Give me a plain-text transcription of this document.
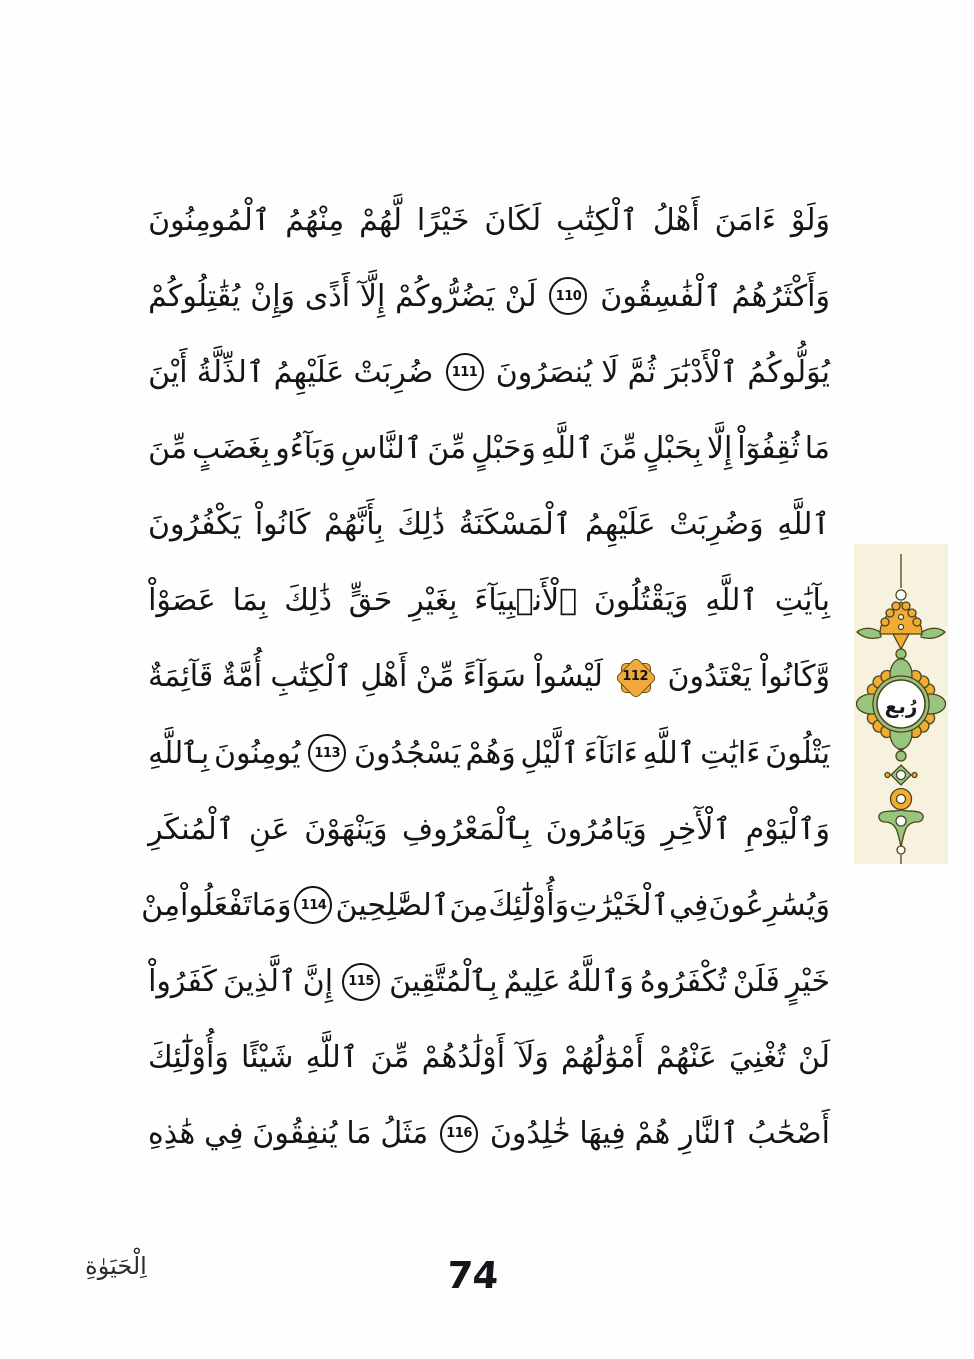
وَلَوْ
ءَامَنَ
أَهْلُ
ٱلْكِتَٰبِ
لَكَانَ
خَيْرًا
لَّهُمْ
مِنْهُمُ
ٱلْمُومِنُونَ
وَأَكْثَرُهُمُ
ٱلْفَٰسِقُونَ
110
لَنْ
يَضُرُّوكُمْ
إِلَّآ
أَذًى
وَإِنْ
يُقَٰتِلُوكُمْ
يُوَلُّوكُمُ
ٱلْأَدْبَٰرَ
ثُمَّ
لَا
يُنصَرُونَ
111
ضُرِبَتْ
عَلَيْهِمُ
ٱلذِّلَّةُ
أَيْنَ
مَا
ثُقِفُوٓاْ
إِلَّا
بِحَبْلٍ
مِّنَ
ٱللَّهِ
وَحَبْلٍ
مِّنَ
ٱلنَّاسِ
وَبَآءُو
بِغَضَبٍ
مِّنَ
ٱللَّهِ
وَضُرِبَتْ
عَلَيْهِمُ
ٱلْمَسْكَنَةُ
ذَٰلِكَ
بِأَنَّهُمْ
كَانُواْ
يَكْفُرُونَ
بِآيَٰتِ
ٱللَّهِ
وَيَقْتُلُونَ
ٱلْأَنۢبِيَآءَ
بِغَيْرِ
حَقٍّ
ذَٰلِكَ
بِمَا
عَصَوْاْ
وَّكَانُواْ
يَعْتَدُونَ
112
لَيْسُواْ
سَوَآءً
مِّنْ
أَهْلِ
ٱلْكِتَٰبِ
أُمَّةٌ
قَآئِمَةٌ
يَتْلُونَ
ءَايَٰتِ
ٱللَّهِ
ءَانَآءَ
ٱلَّيْلِ
وَهُمْ
يَسْجُدُونَ
113
يُومِنُونَ
بِٱللَّهِ
وَٱلْيَوْمِ
ٱلْأٓخِرِ
وَيَامُرُونَ
بِٱلْمَعْرُوفِ
وَيَنْهَوْنَ
عَنِ
ٱلْمُنكَرِ
وَيُسَٰرِعُونَ
فِي
ٱلْخَيْرَٰتِ
وَأُوْلَٰٓئِكَ
مِنَ
ٱلصَّٰلِحِينَ
114
وَمَا
تَفْعَلُواْ
مِنْ
خَيْرٍ
فَلَنْ
تُكْفَرُوهُ
وَٱللَّهُ
عَلِيمٌ
بِٱلْمُتَّقِينَ
115
إِنَّ
ٱلَّذِينَ
كَفَرُواْ
لَنْ
تُغْنِيَ
عَنْهُمْ
أَمْوَٰلُهُمْ
وَلَآ
أَوْلَٰدُهُمْ
مِّنَ
ٱللَّهِ
شَيْئًا
وَأُوْلَٰٓئِكَ
أَصْحَٰبُ
ٱلنَّارِ
هُمْ
فِيهَا
خَٰلِدُونَ
116
مَثَلُ
مَا
يُنفِقُونَ
فِي
هَٰذِهِ
رُبع
74
اِلْحَيَوٰةِ
